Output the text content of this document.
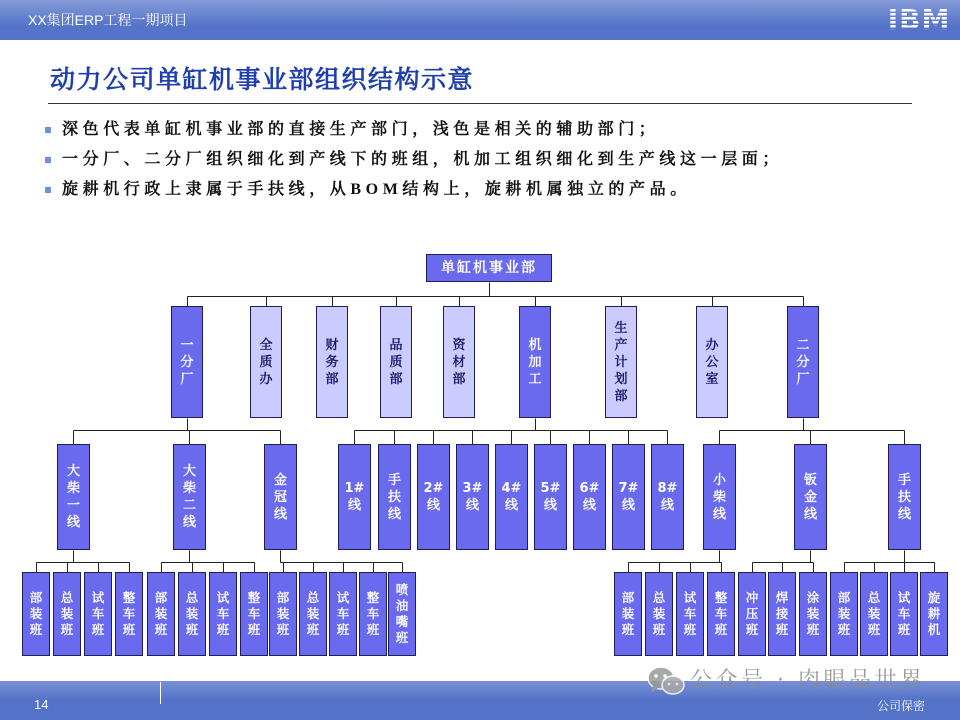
XX集团ERP工程一期项目	IBM
动力公司单缸机事业部组织结构示意
深色代表单缸机事业部的直接生产部门，浅色是相关的辅助部门；
一分厂、二分厂组织细化到产线下的班组，机加工组织细化到生产线这一层面；
旋耕机行政上隶属于手扶线，从BOM结构上，旋耕机属独立的产品。
单缸机事业部
一
分
厂
大
柴
一
线
部
装
班
总
装
班
试
车
班
整
车
班
大
柴
二
线
部
装
班
总
装
班
试
车
班
整
车
班
金
冠
线
部
装
班
总
装
班
试
车
班
整
车
班
喷
油
嘴
班
全
质
办
财
务
部
品
质
部
资
材
部
机
加
工
1#
线
手
扶
线
2#
线
3#
线
4#
线
5#
线
6#
线
7#
线
8#
线
生
产
计
划
部
办
公
室
二
分
厂
小
柴
线
部
装
班
总
装
班
试
车
班
整
车
班
钣
金
线
冲
压
班
焊
接
班
涂
装
班
手
扶
线
部
装
班
总
装
班
试
车
班
旋
耕
机
14	公司保密
公众号 · 肉眼品世界
